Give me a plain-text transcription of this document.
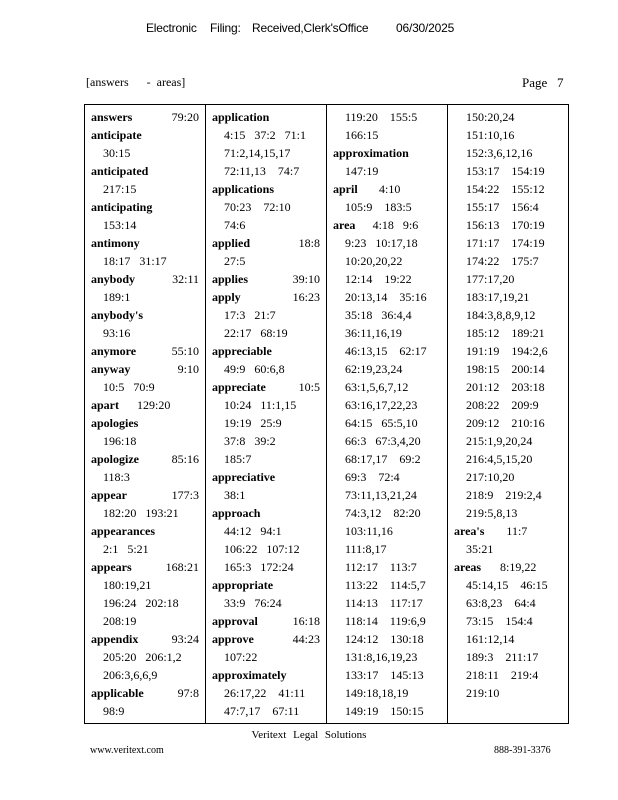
Electronic Filing: Received,Clerk'sOffice 06/30/2025
[answers      -  areas]	Page   7
answers	79:20
anticipate
30:15
anticipated
217:15
anticipating
153:14
antimony
18:17   31:17
anybody	32:11
189:1
anybody's
93:16
anymore	55:10
anyway	9:10
10:5   70:9
apart 129:20
apologies
196:18
apologize	85:16
118:3
appear	177:3
182:20   193:21
appearances
2:1   5:21
appears	168:21
180:19,21
196:24   202:18
208:19
appendix	93:24
205:20   206:1,2
206:3,6,6,9
applicable	97:8
98:9
application
4:15   37:2   71:1
71:2,14,15,17
72:11,13    74:7
applications
70:23    72:10
74:6
applied	18:8
27:5
applies	39:10
apply	16:23
17:3   21:7
22:17   68:19
appreciable
49:9   60:6,8
appreciate	10:5
10:24   11:1,15
19:19   25:9
37:8   39:2
185:7
appreciative
38:1
approach
44:12   94:1
106:22   107:12
165:3   172:24
appropriate
33:9   76:24
approval	16:18
approve	44:23
107:22
approximately
26:17,22    41:11
47:7,17    67:11
119:20    155:5
166:15
approximation
147:19
april 4:10
105:9    183:5
area 4:18   9:6
9:23   10:17,18
10:20,20,22
12:14    19:22
20:13,14    35:16
35:18   36:4,4
36:11,16,19
46:13,15    62:17
62:19,23,24
63:1,5,6,7,12
63:16,17,22,23
64:15   65:5,10
66:3   67:3,4,20
68:17,17    69:2
69:3    72:4
73:11,13,21,24
74:3,12    82:20
103:11,16
111:8,17
112:17    113:7
113:22    114:5,7
114:13    117:17
118:14    119:6,9
124:12    130:18
131:8,16,19,23
133:17    145:13
149:18,18,19
149:19    150:15
150:20,24
151:10,16
152:3,6,12,16
153:17    154:19
154:22    155:12
155:17    156:4
156:13    170:19
171:17    174:19
174:22    175:7
177:17,20
183:17,19,21
184:3,8,8,9,12
185:12    189:21
191:19    194:2,6
198:15    200:14
201:12    203:18
208:22    209:9
209:12    210:16
215:1,9,20,24
216:4,5,15,20
217:10,20
218:9    219:2,4
219:5,8,13
area's 11:7
35:21
areas 8:19,22
45:14,15    46:15
63:8,23    64:4
73:15    154:4
161:12,14
189:3    211:17
218:11    219:4
219:10
Veritext Legal Solutions
www.veritext.com	888-391-3376
